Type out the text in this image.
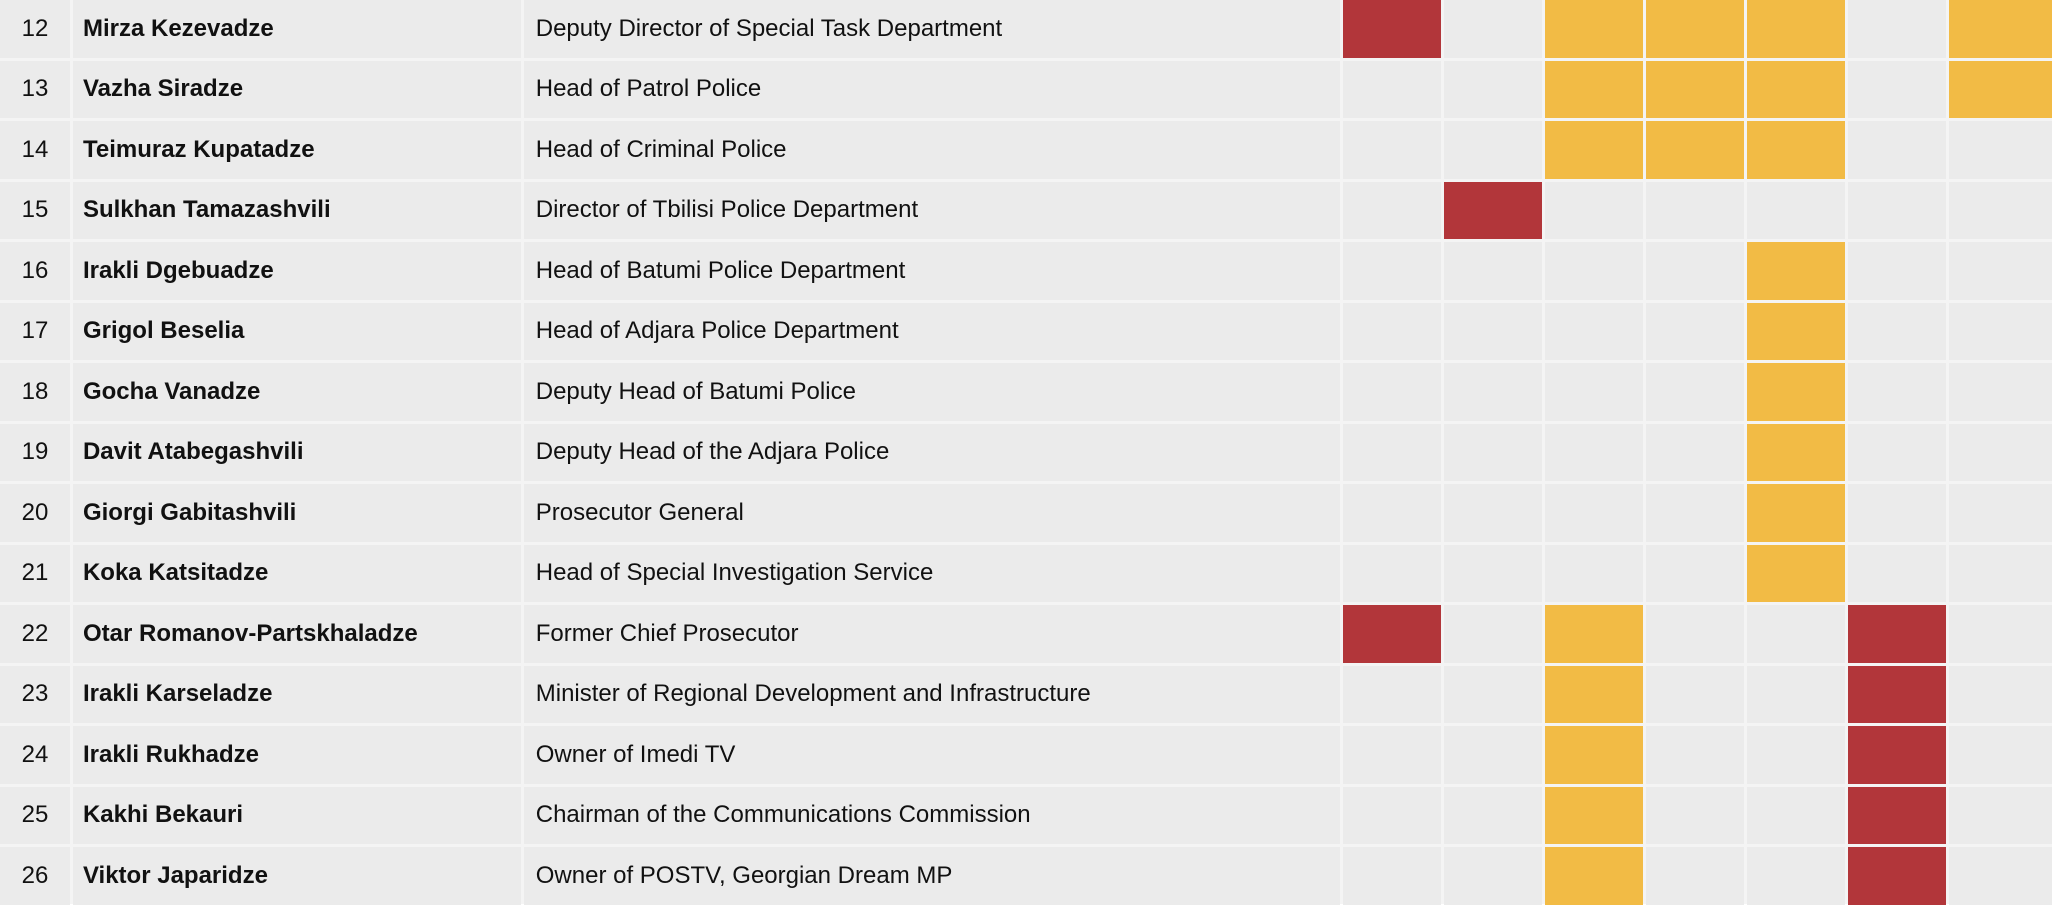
12	Mirza Kezevadze	Deputy Director of Special Task Department
13	Vazha Siradze	Head of Patrol Police
14	Teimuraz Kupatadze	Head of Criminal Police
15	Sulkhan Tamazashvili	Director of Tbilisi Police Department
16	Irakli Dgebuadze	Head of Batumi Police Department
17	Grigol Beselia	Head of Adjara Police Department
18	Gocha Vanadze	Deputy Head of Batumi Police
19	Davit Atabegashvili	Deputy Head of the Adjara Police
20	Giorgi Gabitashvili	Prosecutor General
21	Koka Katsitadze	Head of Special Investigation Service
22	Otar Romanov-Partskhaladze	Former Chief Prosecutor
23	Irakli Karseladze	Minister of Regional Development and Infrastructure
24	Irakli Rukhadze	Owner of Imedi TV
25	Kakhi Bekauri	Chairman of the Communications Commission
26	Viktor Japaridze	Owner of POSTV, Georgian Dream MP
